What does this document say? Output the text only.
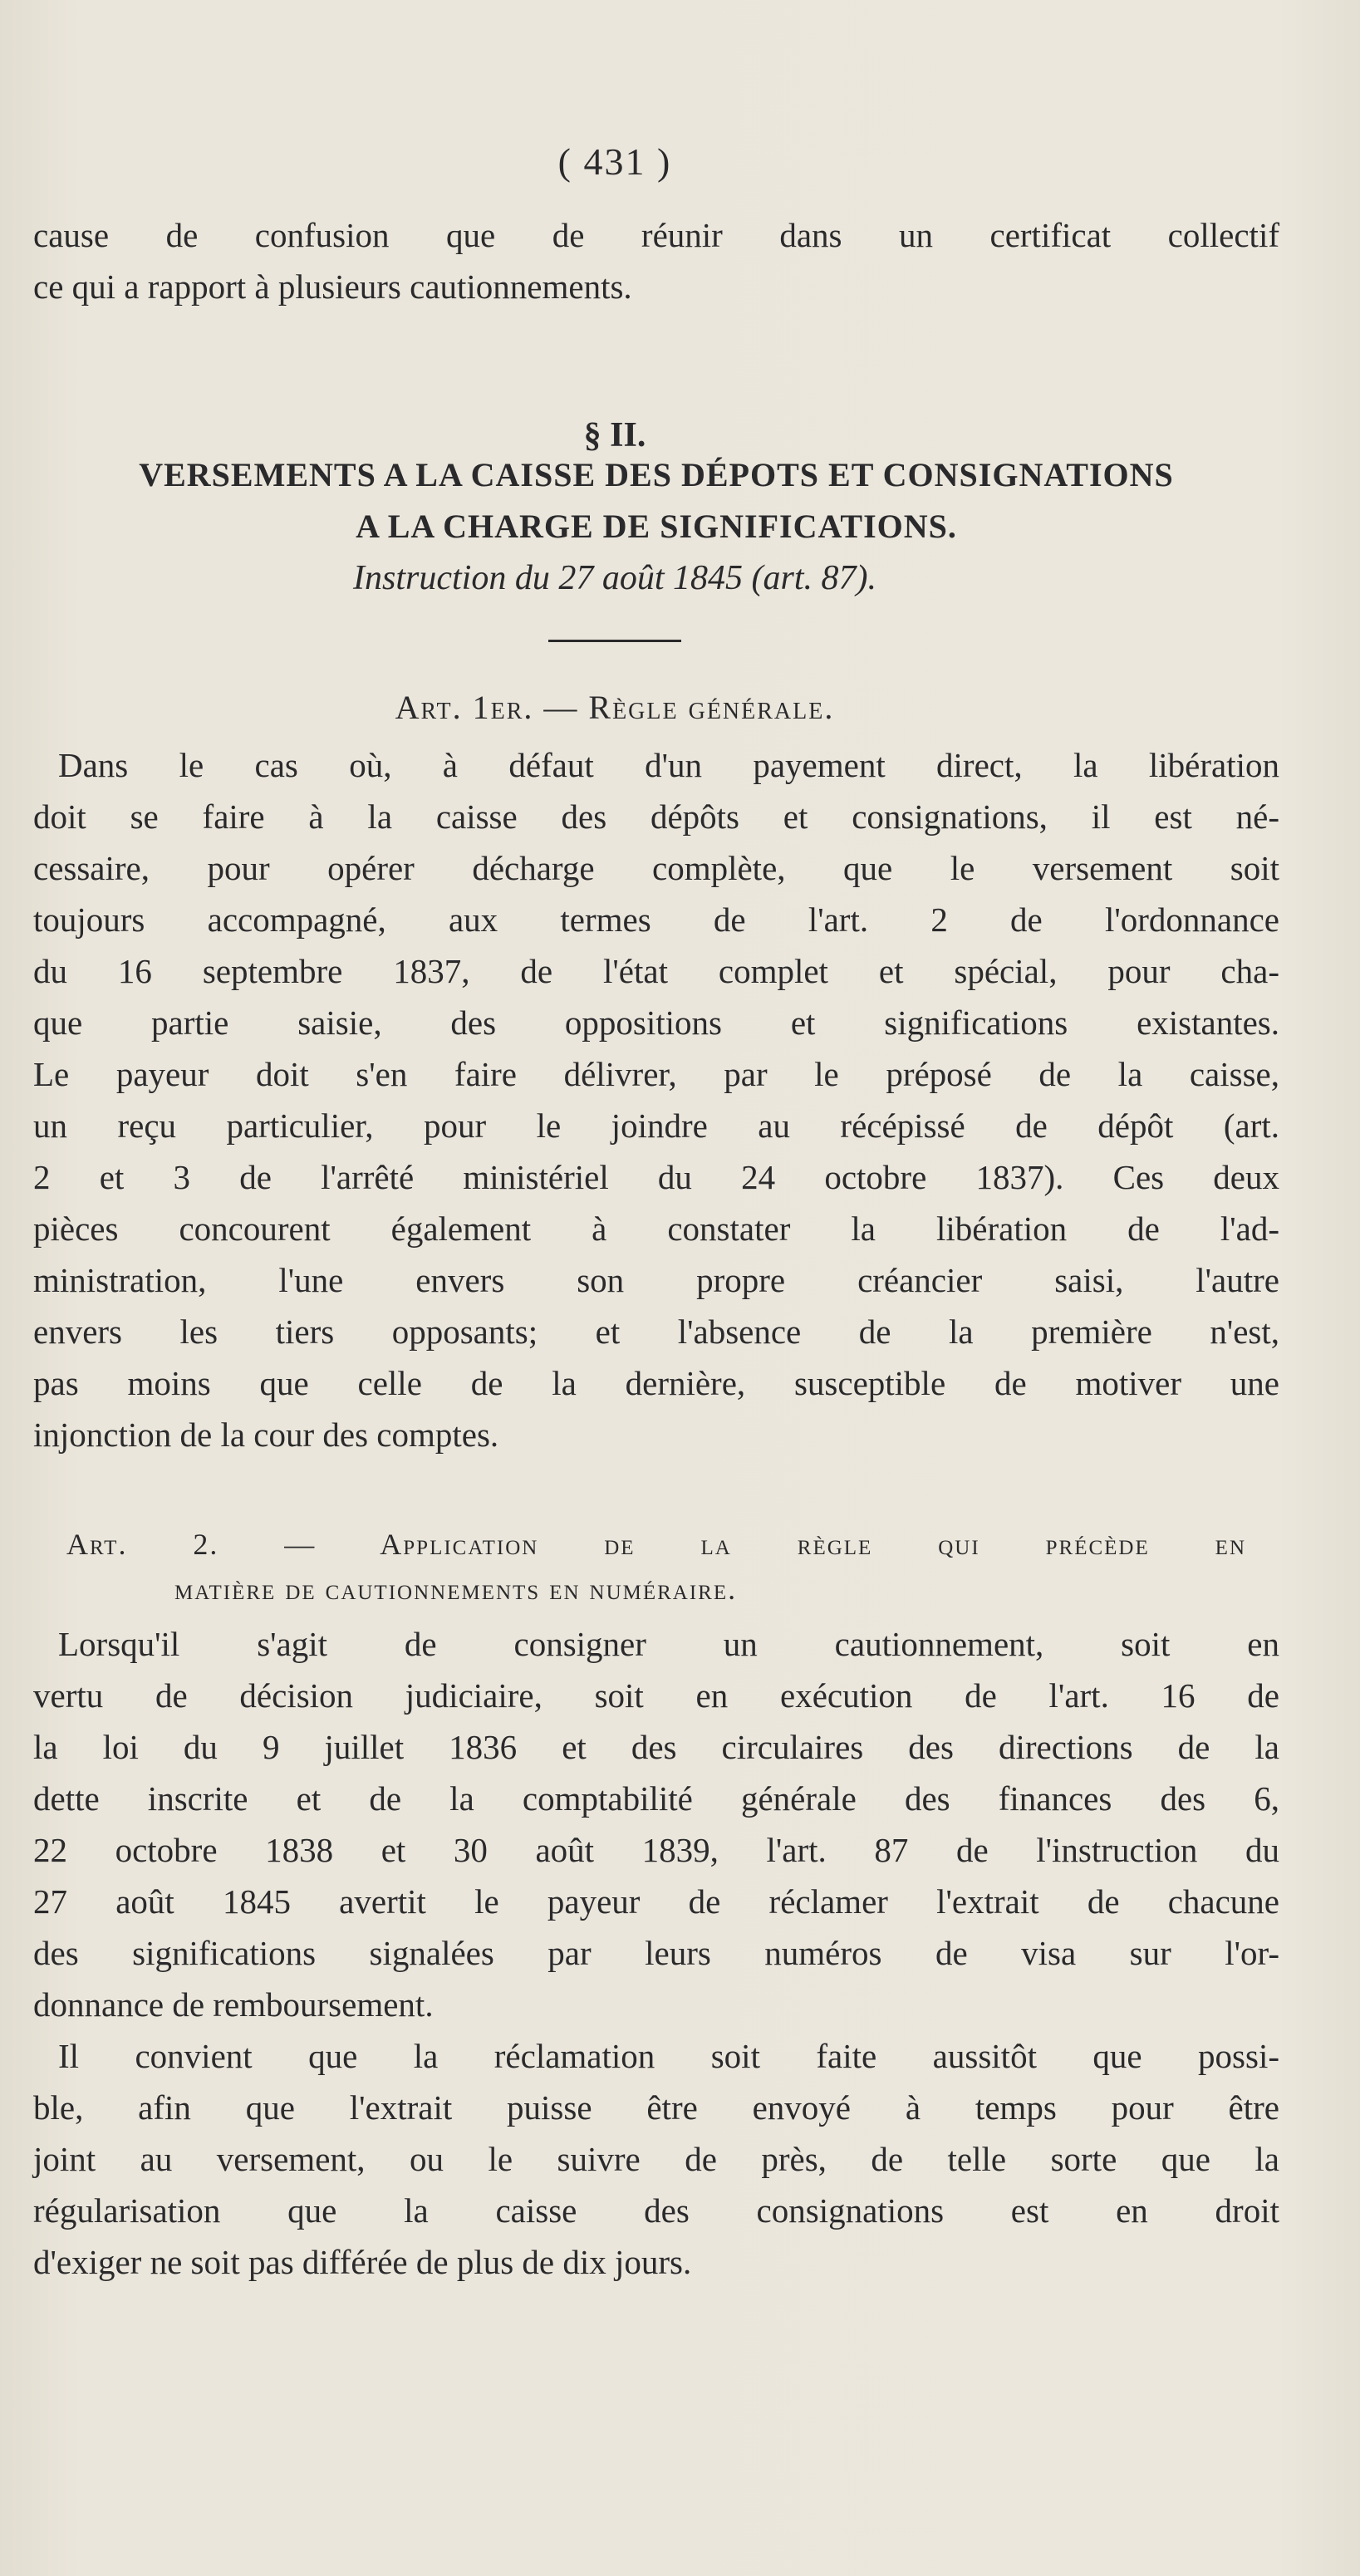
( 431 )
cause de confusion que de réunir dans un certificat collectif
ce qui a rapport à plusieurs cautionnements.
§ II.
VERSEMENTS A LA CAISSE DES DÉPOTS ET CONSIGNATIONS
A LA CHARGE DE SIGNIFICATIONS.
Instruction du 27 août 1845 (art. 87).
Art. 1er. — Règle générale.
Dans le cas où, à défaut d'un payement direct, la libération
doit se faire à la caisse des dépôts et consignations, il est né-
cessaire, pour opérer décharge complète, que le versement soit
toujours accompagné, aux termes de l'art. 2 de l'ordonnance
du 16 septembre 1837, de l'état complet et spécial, pour cha-
que partie saisie, des oppositions et significations existantes.
Le payeur doit s'en faire délivrer, par le préposé de la caisse,
un reçu particulier, pour le joindre au récépissé de dépôt (art.
2 et 3 de l'arrêté ministériel du 24 octobre 1837). Ces deux
pièces concourent également à constater la libération de l'ad-
ministration, l'une envers son propre créancier saisi, l'autre
envers les tiers opposants; et l'absence de la première n'est,
pas moins que celle de la dernière, susceptible de motiver une
injonction de la cour des comptes.
Art. 2. — Application de la règle qui précède en
matière de cautionnements en numéraire.
Lorsqu'il s'agit de consigner un cautionnement, soit en
vertu de décision judiciaire, soit en exécution de l'art. 16 de
la loi du 9 juillet 1836 et des circulaires des directions de la
dette inscrite et de la comptabilité générale des finances des 6,
22 octobre 1838 et 30 août 1839, l'art. 87 de l'instruction du
27 août 1845 avertit le payeur de réclamer l'extrait de chacune
des significations signalées par leurs numéros de visa sur l'or-
donnance de remboursement.
Il convient que la réclamation soit faite aussitôt que possi-
ble, afin que l'extrait puisse être envoyé à temps pour être
joint au versement, ou le suivre de près, de telle sorte que la
régularisation que la caisse des consignations est en droit
d'exiger ne soit pas différée de plus de dix jours.
